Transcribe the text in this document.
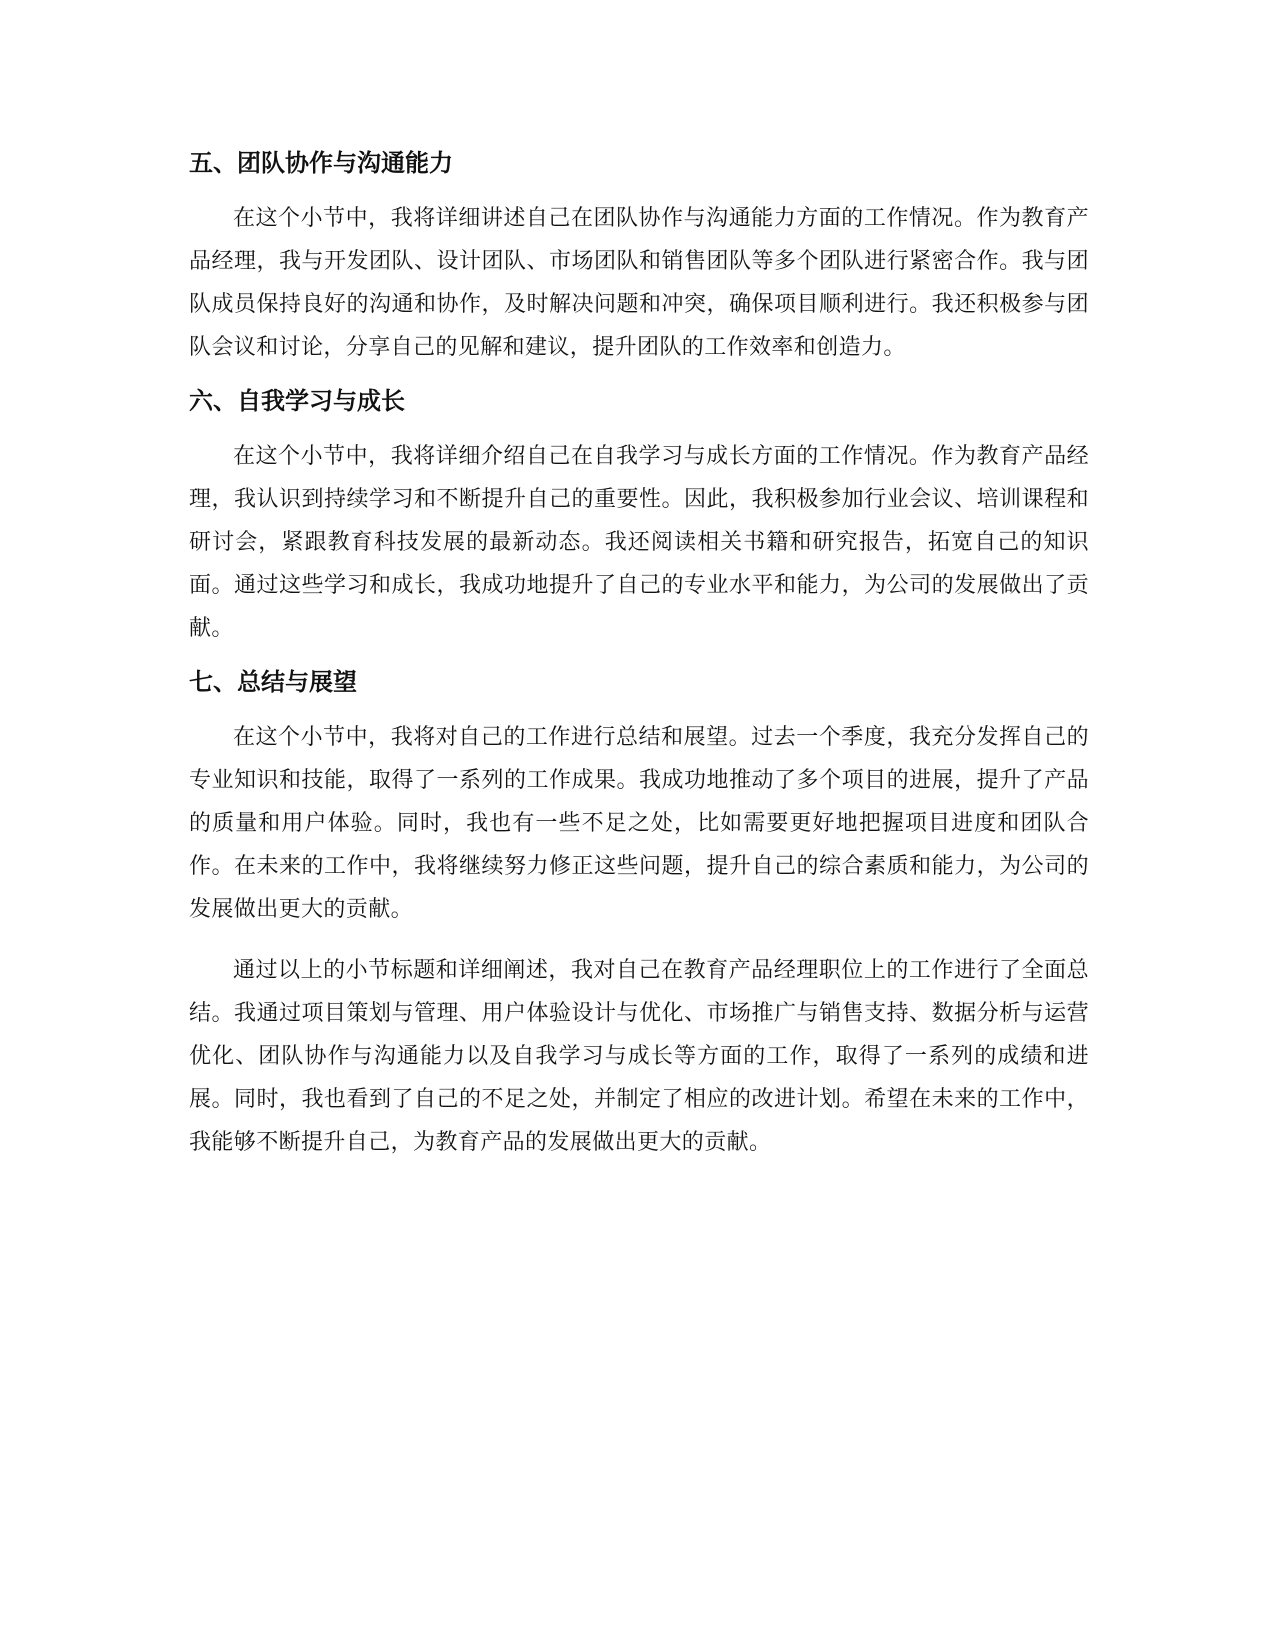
五、团队协作与沟通能力

在这个小节中，我将详细讲述自己在团队协作与沟通能力方面的工作情况。作为教育产品经理，我与开发团队、设计团队、市场团队和销售团队等多个团队进行紧密合作。我与团队成员保持良好的沟通和协作，及时解决问题和冲突，确保项目顺利进行。我还积极参与团队会议和讨论，分享自己的见解和建议，提升团队的工作效率和创造力。

六、自我学习与成长

在这个小节中，我将详细介绍自己在自我学习与成长方面的工作情况。作为教育产品经理，我认识到持续学习和不断提升自己的重要性。因此，我积极参加行业会议、培训课程和研讨会，紧跟教育科技发展的最新动态。我还阅读相关书籍和研究报告，拓宽自己的知识面。通过这些学习和成长，我成功地提升了自己的专业水平和能力，为公司的发展做出了贡献。

七、总结与展望

在这个小节中，我将对自己的工作进行总结和展望。过去一个季度，我充分发挥自己的专业知识和技能，取得了一系列的工作成果。我成功地推动了多个项目的进展，提升了产品的质量和用户体验。同时，我也有一些不足之处，比如需要更好地把握项目进度和团队合作。在未来的工作中，我将继续努力修正这些问题，提升自己的综合素质和能力，为公司的发展做出更大的贡献。

通过以上的小节标题和详细阐述，我对自己在教育产品经理职位上的工作进行了全面总结。我通过项目策划与管理、用户体验设计与优化、市场推广与销售支持、数据分析与运营优化、团队协作与沟通能力以及自我学习与成长等方面的工作，取得了一系列的成绩和进展。同时，我也看到了自己的不足之处，并制定了相应的改进计划。希望在未来的工作中，我能够不断提升自己，为教育产品的发展做出更大的贡献。
